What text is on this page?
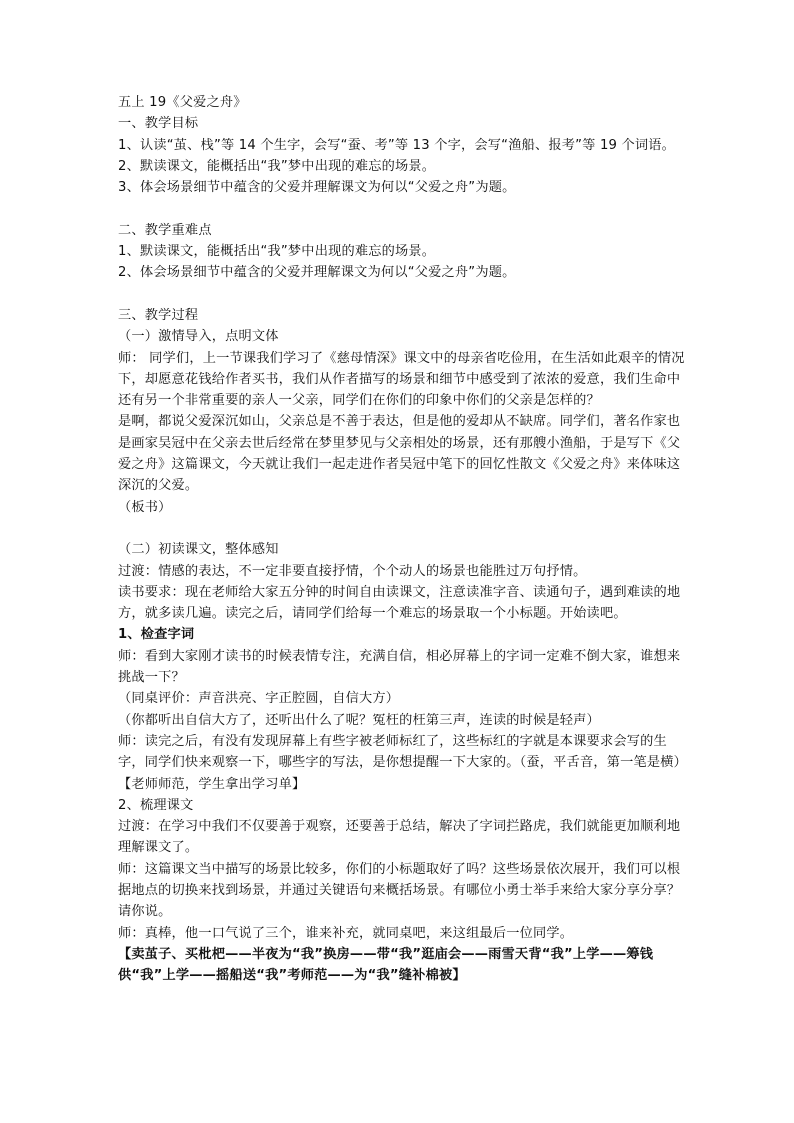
五上 19《父爱之舟》

一、教学目标

1、认读“茧、栈”等 14 个生字，会写“蚕、考”等 13 个字，会写“渔船、报考”等 19 个词语。

2、默读课文，能概括出“我”梦中出现的难忘的场景。

3、体会场景细节中蕴含的父爱并理解课文为何以“父爱之舟”为题。

二、教学重难点

1、默读课文，能概括出“我”梦中出现的难忘的场景。

2、体会场景细节中蕴含的父爱并理解课文为何以“父爱之舟”为题。

三、教学过程

（一）激情导入，点明文体

师： 同学们，上一节课我们学习了《慈母情深》课文中的母亲省吃俭用，在生活如此艰辛的情况下，却愿意花钱给作者买书，我们从作者描写的场景和细节中感受到了浓浓的爱意，我们生命中还有另一个非常重要的亲人一父亲，同学们在你们的印象中你们的父亲是怎样的？

是啊，都说父爱深沉如山，父亲总是不善于表达，但是他的爱却从不缺席。同学们，著名作家也是画家吴冠中在父亲去世后经常在梦里梦见与父亲相处的场景，还有那艘小渔船，于是写下《父爱之舟》这篇课文，今天就让我们一起走进作者吴冠中笔下的回忆性散文《父爱之舟》来体味这深沉的父爱。

（板书）

（二）初读课文，整体感知

过渡：情感的表达，不一定非要直接抒情，个个动人的场景也能胜过万句抒情。

读书要求：现在老师给大家五分钟的时间自由读课文，注意读准字音、读通句子，遇到难读的地方，就多读几遍。读完之后，请同学们给每一个难忘的场景取一个小标题。开始读吧。

1、检查字词

师：看到大家刚才读书的时候表情专注，充满自信，相必屏幕上的字词一定难不倒大家，谁想来挑战一下？

（同桌评价：声音洪亮、字正腔圆，自信大方）

（你都听出自信大方了，还听出什么了呢？冤枉的枉第三声，连读的时候是轻声）

师：读完之后，有没有发现屏幕上有些字被老师标红了，这些标红的字就是本课要求会写的生字，同学们快来观察一下，哪些字的写法，是你想提醒一下大家的。（蚕，平舌音，第一笔是横）【老师师范，学生拿出学习单】

2、梳理课文

过渡：在学习中我们不仅要善于观察，还要善于总结，解决了字词拦路虎，我们就能更加顺利地理解课文了。

师：这篇课文当中描写的场景比较多，你们的小标题取好了吗？这些场景依次展开，我们可以根据地点的切换来找到场景，并通过关键语句来概括场景。有哪位小勇士举手来给大家分享分享？请你说。

师：真棒，他一口气说了三个，谁来补充，就同桌吧，来这组最后一位同学。

【卖茧子、买枇杷——半夜为“我”换房——带“我”逛庙会——雨雪天背“我”上学——筹钱供“我”上学——摇船送“我”考师范——为“我”缝补棉被】
